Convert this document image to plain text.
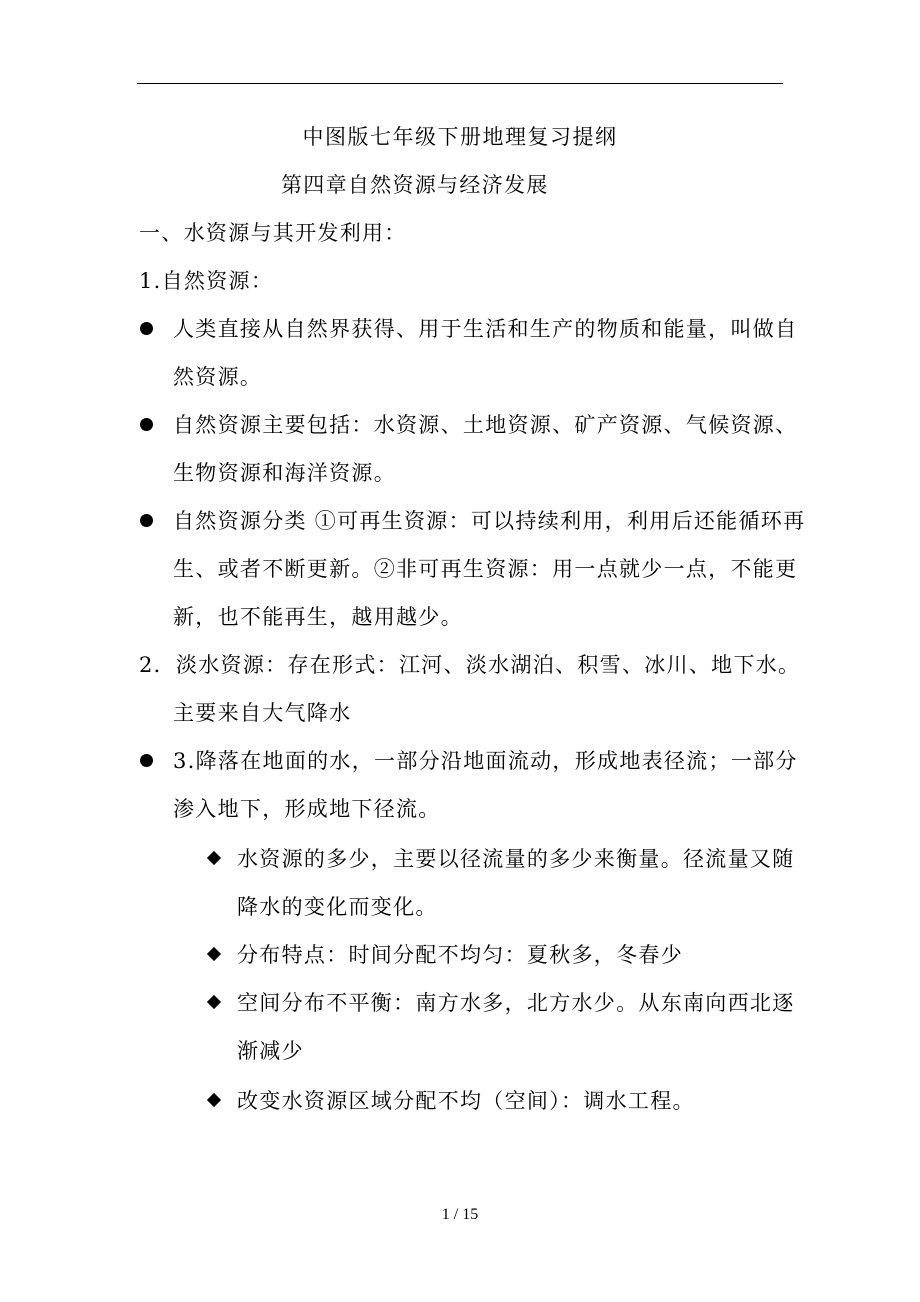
中图版七年级下册地理复习提纲
第四章自然资源与经济发展
一、水资源与其开发利用：
1.自然资源：
人类直接从自然界获得、用于生活和生产的物质和能量，叫做自
然资源。
自然资源主要包括：水资源、土地资源、矿产资源、气候资源、
生物资源和海洋资源。
自然资源分类 ①可再生资源：可以持续利用，利用后还能循环再
生、或者不断更新。②非可再生资源：用一点就少一点，不能更
新，也不能再生，越用越少。
2．淡水资源：存在形式：江河、淡水湖泊、积雪、冰川、地下水。
主要来自大气降水
3.降落在地面的水，一部分沿地面流动，形成地表径流；一部分
渗入地下，形成地下径流。
水资源的多少，主要以径流量的多少来衡量。径流量又随
降水的变化而变化。
分布特点：时间分配不均匀：夏秋多，冬春少
空间分布不平衡：南方水多，北方水少。从东南向西北逐
渐减少
改变水资源区域分配不均（空间）：调水工程。
1 / 15
